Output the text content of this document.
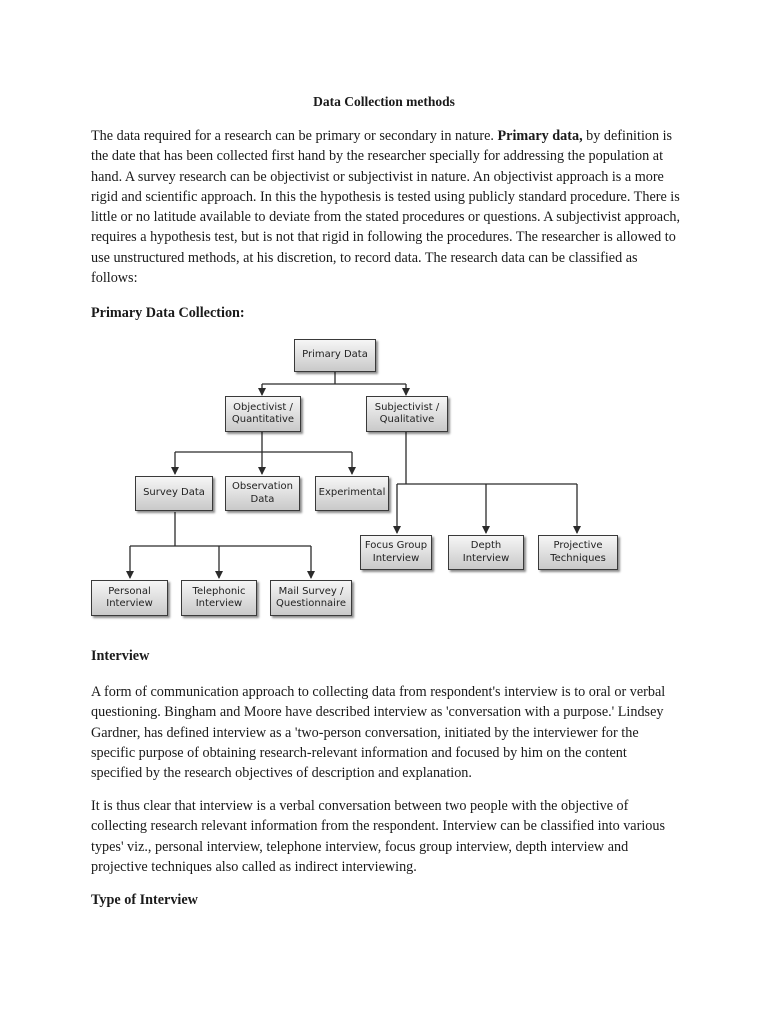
Data Collection methods

The data required for a research can be primary or secondary in nature. Primary data, by definition is the date that has been collected first hand by the researcher specially for addressing the population at hand. A survey research can be objectivist or subjectivist in nature. An objectivist approach is a more rigid and scientific approach. In this the hypothesis is tested using publicly standard procedure. There is little or no latitude available to deviate from the stated procedures or questions. A subjectivist approach, requires a hypothesis test, but is not that rigid in following the procedures. The researcher is allowed to use unstructured methods, at his discretion, to record data. The research data can be classified as follows:

Primary Data Collection:

Primary Data
Objectivist /
Quantitative
Subjectivist /
Qualitative
Survey Data
Observation
Data
Experimental
Focus Group
Interview
Depth
Interview
Projective
Techniques
Personal
Interview
Telephonic
Interview
Mail Survey /
Questionnaire

Interview

A form of communication approach to collecting data from respondent's interview is to oral or verbal questioning. Bingham and Moore have described interview as 'conversation with a purpose.' Lindsey Gardner, has defined interview as a 'two-person conversation, initiated by the interviewer for the specific purpose of obtaining research-relevant information and focused by him on the content specified by the research objectives of description and explanation.

It is thus clear that interview is a verbal conversation between two people with the objective of collecting research relevant information from the respondent. Interview can be classified into various types' viz., personal interview, telephone interview, focus group interview, depth interview and projective techniques also called as indirect interviewing.

Type of Interview
